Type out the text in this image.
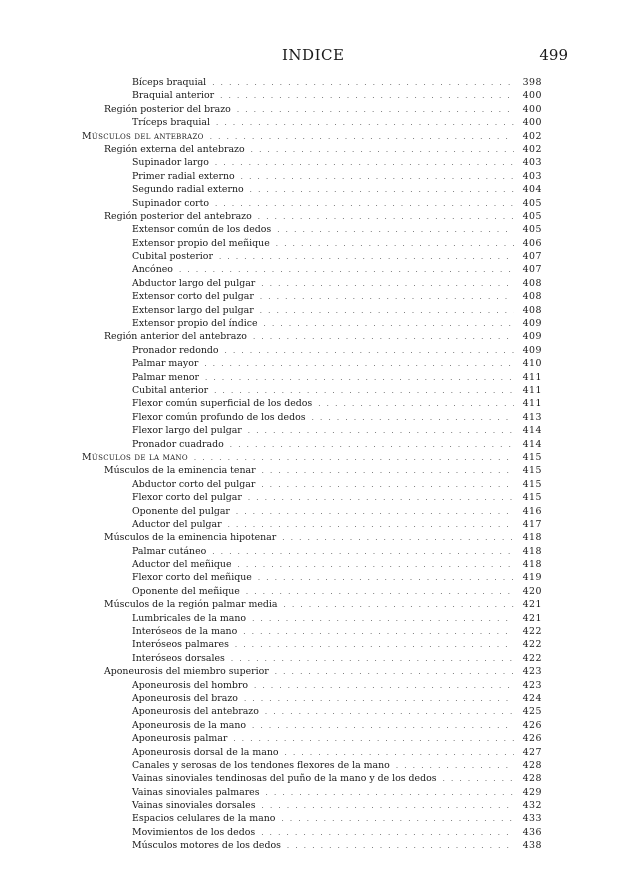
INDICE	499
Bíceps braquial . . .	398
Braquial anterior . . .	400
Región posterior del brazo . . .	400
Tríceps braquial . . .	400
Músculos del antebrazo . . .	402
Región externa del antebrazo . . .	402
Supinador largo . . .	403
Primer radial externo . . .	403
Segundo radial externo . . .	404
Supinador corto . . .	405
Región posterior del antebrazo . . .	405
Extensor común de los dedos . . .	405
Extensor propio del meñique . . .	406
Cubital posterior . . .	407
Ancóneo . . .	407
Abductor largo del pulgar . . .	408
Extensor corto del pulgar . . .	408
Extensor largo del pulgar . . .	408
Extensor propio del índice . . .	409
Región anterior del antebrazo . . .	409
Pronador redondo . . .	409
Palmar mayor . . .	410
Palmar menor . . .	411
Cubital anterior . . .	411
Flexor común superficial de los dedos . . .	411
Flexor común profundo de los dedos . . .	413
Flexor largo del pulgar . . .	414
Pronador cuadrado . . .	414
Músculos de la mano . . .	415
Músculos de la eminencia tenar . . .	415
Abductor corto del pulgar . . .	415
Flexor corto del pulgar . . .	415
Oponente del pulgar . . .	416
Aductor del pulgar . . .	417
Músculos de la eminencia hipotenar . . .	418
Palmar cutáneo . . .	418
Aductor del meñique . . .	418
Flexor corto del meñique . . .	419
Oponente del meñique . . .	420
Músculos de la región palmar media . . .	421
Lumbricales de la mano . . .	421
Interóseos de la mano . . .	422
Interóseos palmares . . .	422
Interóseos dorsales . . .	422
Aponeurosis del miembro superior . . .	423
Aponeurosis del hombro . . .	423
Aponeurosis del brazo . . .	424
Aponeurosis del antebrazo . . .	425
Aponeurosis de la mano . . .	426
Aponeurosis palmar . . .	426
Aponeurosis dorsal de la mano . . .	427
Canales y serosas de los tendones flexores de la mano . . .	428
Vainas sinoviales tendinosas del puño de la mano y de los dedos . . .	428
Vainas sinoviales palmares . . .	429
Vainas sinoviales dorsales . . .	432
Espacios celulares de la mano . . .	433
Movimientos de los dedos . . .	436
Músculos motores de los dedos . . .	438
